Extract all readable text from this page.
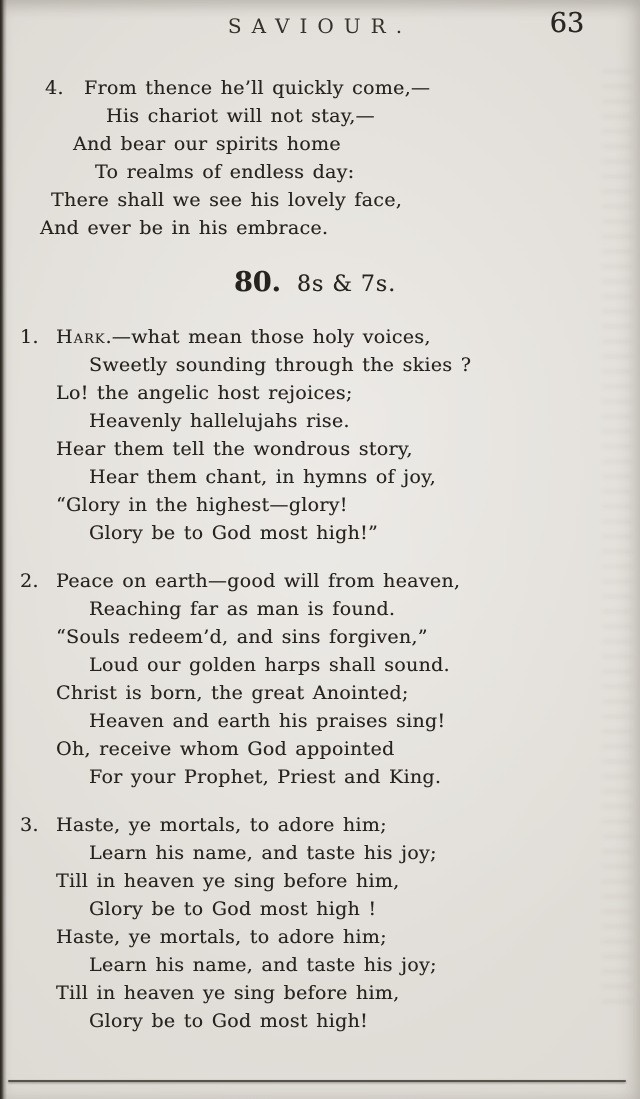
SAVIOUR.	63
4. From thence he’ll quickly come,—
His chariot will not stay,—
And bear our spirits home
To realms of endless day:
There shall we see his lovely face,
And ever be in his embrace.
80. 8s & 7s.
1. Hark.—what mean those holy voices,
Sweetly sounding through the skies ?
Lo! the angelic host rejoices;
Heavenly hallelujahs rise.
Hear them tell the wondrous story,
Hear them chant, in hymns of joy,
“Glory in the highest—glory!
Glory be to God most high!”
2. Peace on earth—good will from heaven,
Reaching far as man is found.
“Souls redeem’d, and sins forgiven,”
Loud our golden harps shall sound.
Christ is born, the great Anointed;
Heaven and earth his praises sing!
Oh, receive whom God appointed
For your Prophet, Priest and King.
3. Haste, ye mortals, to adore him;
Learn his name, and taste his joy;
Till in heaven ye sing before him,
Glory be to God most high !
Haste, ye mortals, to adore him;
Learn his name, and taste his joy;
Till in heaven ye sing before him,
Glory be to God most high!
